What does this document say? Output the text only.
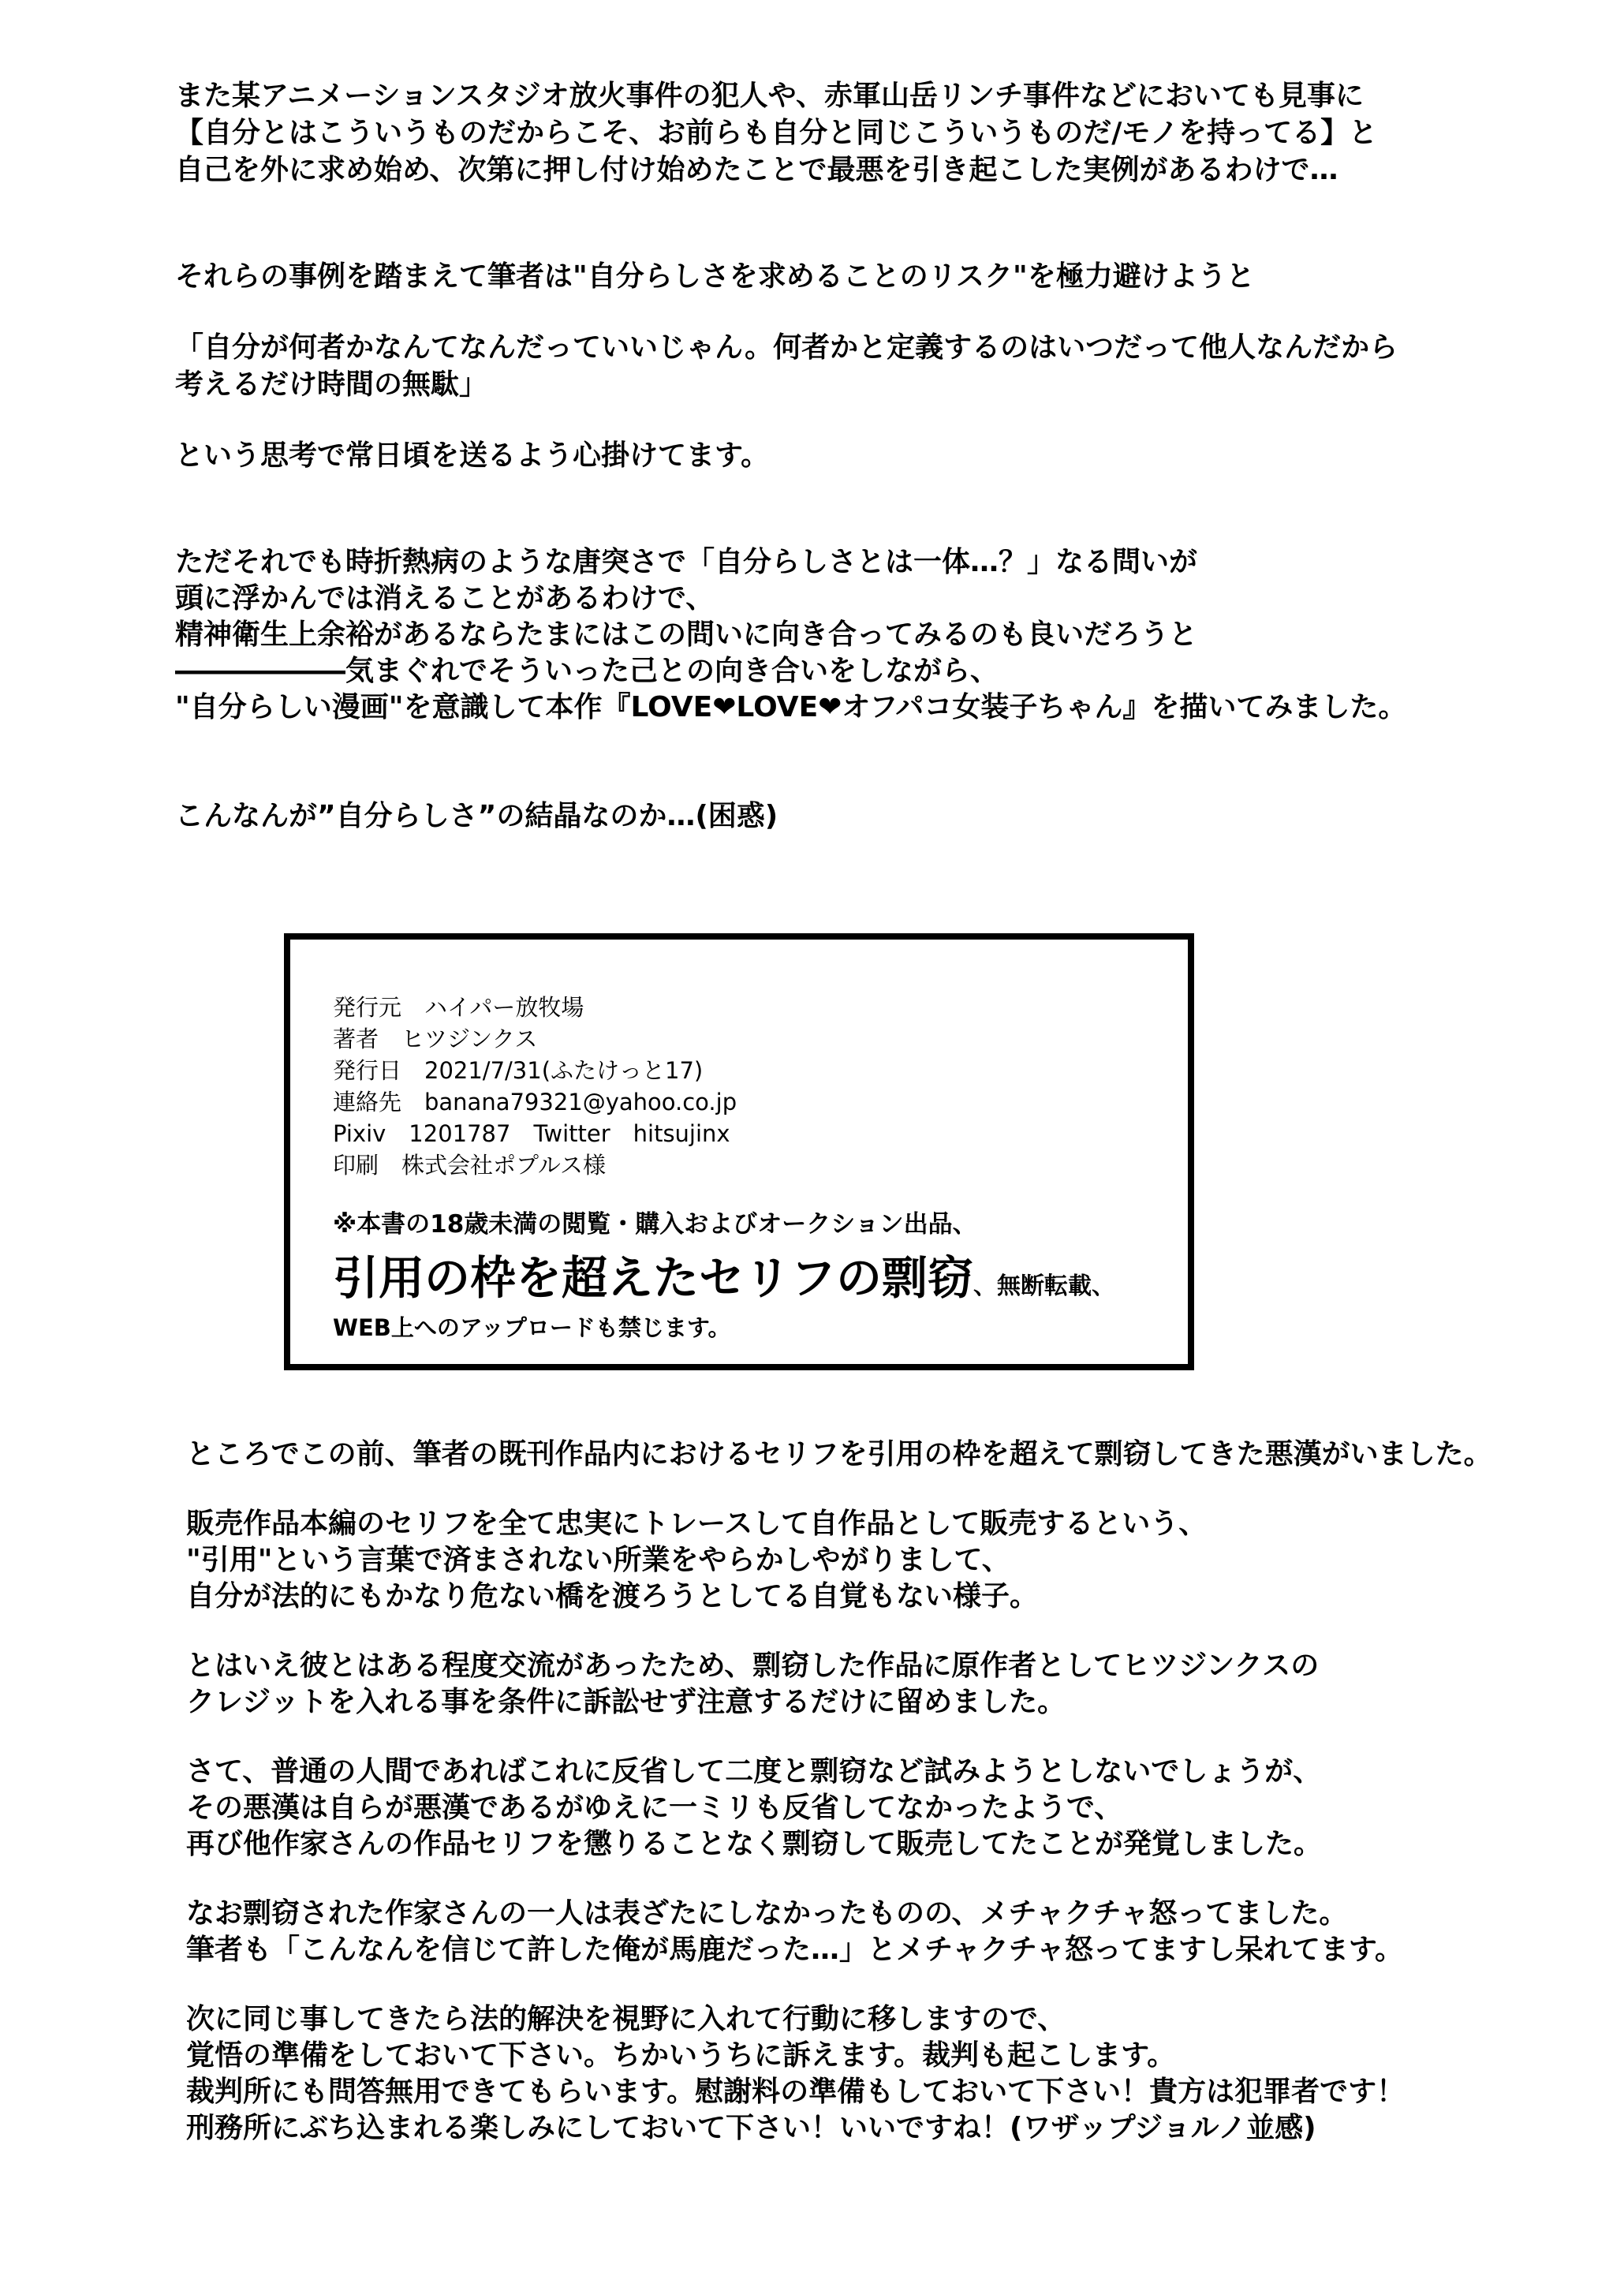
また某アニメーションスタジオ放火事件の犯人や、赤軍山岳リンチ事件などにおいても見事に
【自分とはこういうものだからこそ、お前らも自分と同じこういうものだ/モノを持ってる】と
自己を外に求め始め、次第に押し付け始めたことで最悪を引き起こした実例があるわけで…
それらの事例を踏まえて筆者は"自分らしさを求めることのリスク"を極力避けようと
「自分が何者かなんてなんだっていいじゃん。何者かと定義するのはいつだって他人なんだから
考えるだけ時間の無駄」
という思考で常日頃を送るよう心掛けてます。
ただそれでも時折熱病のような唐突さで「自分らしさとは一体…？」なる問いが
頭に浮かんでは消えることがあるわけで、
精神衛生上余裕があるならたまにはこの問いに向き合ってみるのも良いだろうと
――――――気まぐれでそういった己との向き合いをしながら、
"自分らしい漫画"を意識して本作『LOVE❤LOVE❤オフパコ女装子ちゃん』を描いてみました。
こんなんが”自分らしさ”の結晶なのか…(困惑)
発行元　ハイパー放牧場
著者　ヒツジンクス
発行日　2021/7/31(ふたけっと17)
連絡先　banana79321@yahoo.co.jp
Pixiv　1201787　Twitter　hitsujinx
印刷　株式会社ポプルス様
※本書の18歳未満の閲覧・購入およびオークション出品、
引用の枠を超えたセリフの剽窃、無断転載、
WEB上へのアップロードも禁じます。
ところでこの前、筆者の既刊作品内におけるセリフを引用の枠を超えて剽窃してきた悪漢がいました。
販売作品本編のセリフを全て忠実にトレースして自作品として販売するという、
"引用"という言葉で済まされない所業をやらかしやがりまして、
自分が法的にもかなり危ない橋を渡ろうとしてる自覚もない様子。
とはいえ彼とはある程度交流があったため、剽窃した作品に原作者としてヒツジンクスの
クレジットを入れる事を条件に訴訟せず注意するだけに留めました。
さて、普通の人間であればこれに反省して二度と剽窃など試みようとしないでしょうが、
その悪漢は自らが悪漢であるがゆえに一ミリも反省してなかったようで、
再び他作家さんの作品セリフを懲りることなく剽窃して販売してたことが発覚しました。
なお剽窃された作家さんの一人は表ざたにしなかったものの、メチャクチャ怒ってました。
筆者も「こんなんを信じて許した俺が馬鹿だった…」とメチャクチャ怒ってますし呆れてます。
次に同じ事してきたら法的解決を視野に入れて行動に移しますので、
覚悟の準備をしておいて下さい。ちかいうちに訴えます。裁判も起こします。
裁判所にも問答無用できてもらいます。慰謝料の準備もしておいて下さい！貴方は犯罪者です！
刑務所にぶち込まれる楽しみにしておいて下さい！いいですね！(ワザップジョルノ並感)
